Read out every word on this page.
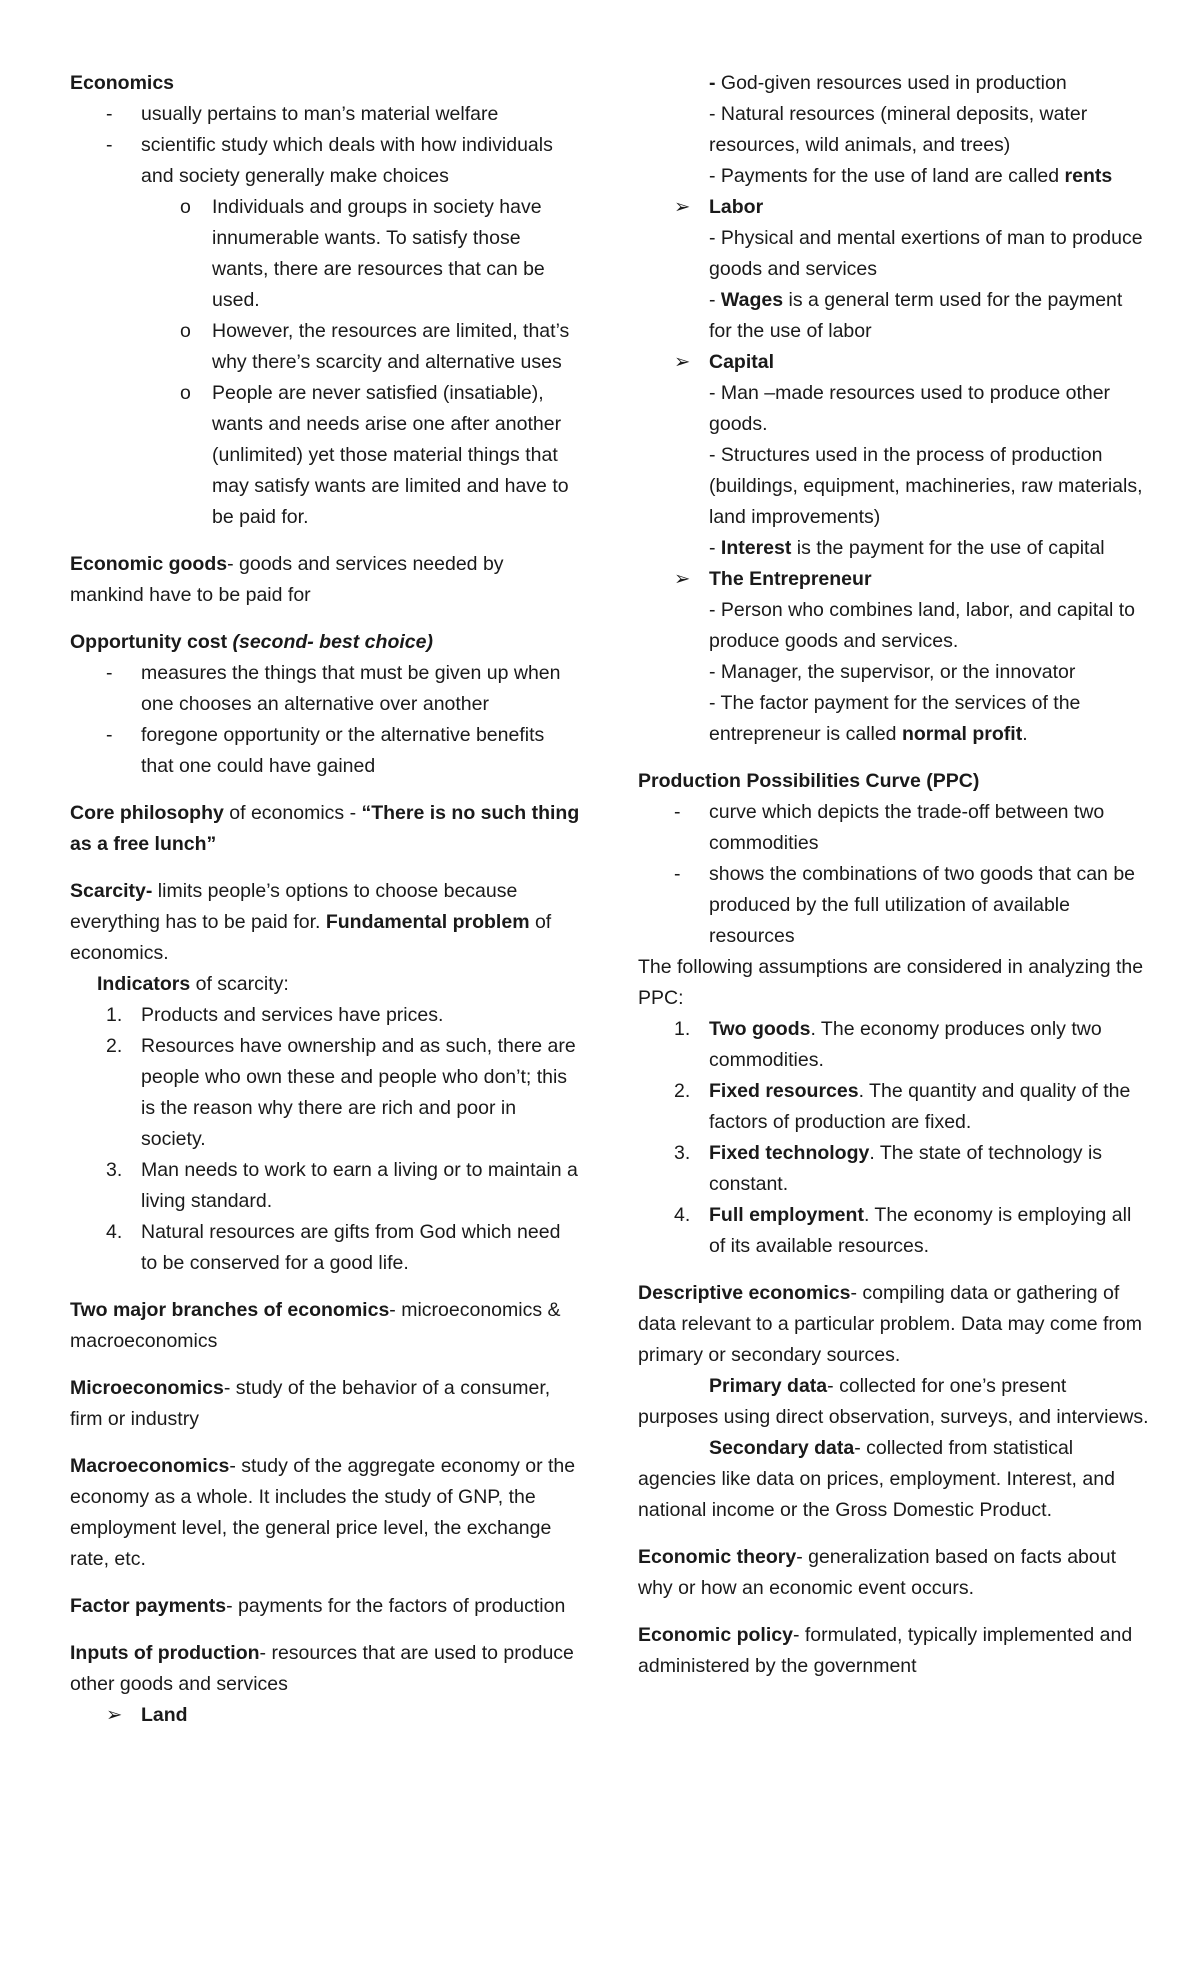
Economics
- usually pertains to man’s material welfare
- scientific study which deals with how individuals and society generally make choices
o Individuals and groups in society have innumerable wants. To satisfy those wants, there are resources that can be used.
o However, the resources are limited, that’s why there’s scarcity and alternative uses
o People are never satisfied (insatiable), wants and needs arise one after another (unlimited) yet those material things that may satisfy wants are limited and have to be paid for.
Economic goods- goods and services needed by mankind have to be paid for
Opportunity cost (second- best choice)
- measures the things that must be given up when one chooses an alternative over another
- foregone opportunity or the alternative benefits that one could have gained
Core philosophy of economics - “There is no such thing as a free lunch”
Scarcity- limits people’s options to choose because everything has to be paid for. Fundamental problem of economics.
Indicators of scarcity:
1. Products and services have prices.
2. Resources have ownership and as such, there are people who own these and people who don’t; this is the reason why there are rich and poor in society.
3. Man needs to work to earn a living or to maintain a living standard.
4. Natural resources are gifts from God which need to be conserved for a good life.
Two major branches of economics- microeconomics & macroeconomics
Microeconomics- study of the behavior of a consumer, firm or industry
Macroeconomics- study of the aggregate economy or the economy as a whole. It includes the study of GNP, the employment level, the general price level, the exchange rate, etc.
Factor payments- payments for the factors of production
Inputs of production- resources that are used to produce other goods and services
➢ Land
- God-given resources used in production
- Natural resources (mineral deposits, water resources, wild animals, and trees)
- Payments for the use of land are called rents
➢ Labor
- Physical and mental exertions of man to produce goods and services
- Wages is a general term used for the payment for the use of labor
➢ Capital
- Man –made resources used to produce other goods.
- Structures used in the process of production (buildings, equipment, machineries, raw materials, land improvements)
- Interest is the payment for the use of capital
➢ The Entrepreneur
- Person who combines land, labor, and capital to produce goods and services.
- Manager, the supervisor, or the innovator
- The factor payment for the services of the entrepreneur is called normal profit.
Production Possibilities Curve (PPC)
- curve which depicts the trade-off between two commodities
- shows the combinations of two goods that can be produced by the full utilization of available resources
The following assumptions are considered in analyzing the PPC:
1. Two goods. The economy produces only two commodities.
2. Fixed resources. The quantity and quality of the factors of production are fixed.
3. Fixed technology. The state of technology is constant.
4. Full employment. The economy is employing all of its available resources.
Descriptive economics- compiling data or gathering of data relevant to a particular problem. Data may come from primary or secondary sources.
Primary data- collected for one’s present purposes using direct observation, surveys, and interviews.
Secondary data- collected from statistical agencies like data on prices, employment. Interest, and national income or the Gross Domestic Product.
Economic theory- generalization based on facts about why or how an economic event occurs.
Economic policy- formulated, typically implemented and administered by the government
